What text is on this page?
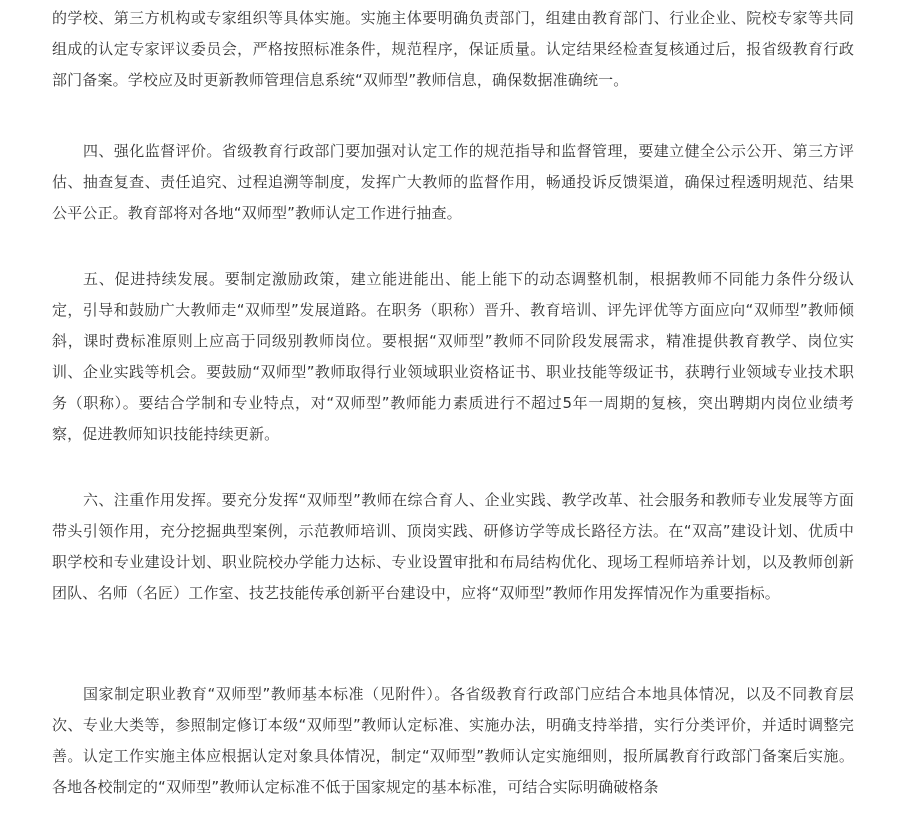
的学校、第三方机构或专家组织等具体实施。实施主体要明确负责部门，组建由教育部门、行业企业、院校专家等共同组成的认定专家评议委员会，严格按照标准条件，规范程序，保证质量。认定结果经检查复核通过后，报省级教育行政部门备案。学校应及时更新教师管理信息系统“双师型”教师信息，确保数据准确统一。

四、强化监督评价。省级教育行政部门要加强对认定工作的规范指导和监督管理，要建立健全公示公开、第三方评估、抽查复查、责任追究、过程追溯等制度，发挥广大教师的监督作用，畅通投诉反馈渠道，确保过程透明规范、结果公平公正。教育部将对各地“双师型”教师认定工作进行抽查。

五、促进持续发展。要制定激励政策，建立能进能出、能上能下的动态调整机制，根据教师不同能力条件分级认定，引导和鼓励广大教师走“双师型”发展道路。在职务（职称）晋升、教育培训、评先评优等方面应向“双师型”教师倾斜，课时费标准原则上应高于同级别教师岗位。要根据“双师型”教师不同阶段发展需求，精准提供教育教学、岗位实训、企业实践等机会。要鼓励“双师型”教师取得行业领域职业资格证书、职业技能等级证书，获聘行业领域专业技术职务（职称）。要结合学制和专业特点，对“双师型”教师能力素质进行不超过5年一周期的复核，突出聘期内岗位业绩考察，促进教师知识技能持续更新。

六、注重作用发挥。要充分发挥“双师型”教师在综合育人、企业实践、教学改革、社会服务和教师专业发展等方面带头引领作用，充分挖掘典型案例，示范教师培训、顶岗实践、研修访学等成长路径方法。在“双高”建设计划、优质中职学校和专业建设计划、职业院校办学能力达标、专业设置审批和布局结构优化、现场工程师培养计划，以及教师创新团队、名师（名匠）工作室、技艺技能传承创新平台建设中，应将“双师型”教师作用发挥情况作为重要指标。

国家制定职业教育“双师型”教师基本标准（见附件）。各省级教育行政部门应结合本地具体情况，以及不同教育层次、专业大类等，参照制定修订本级“双师型”教师认定标准、实施办法，明确支持举措，实行分类评价，并适时调整完善。认定工作实施主体应根据认定对象具体情况，制定“双师型”教师认定实施细则，报所属教育行政部门备案后实施。各地各校制定的“双师型”教师认定标准不低于国家规定的基本标准，可结合实际明确破格条
